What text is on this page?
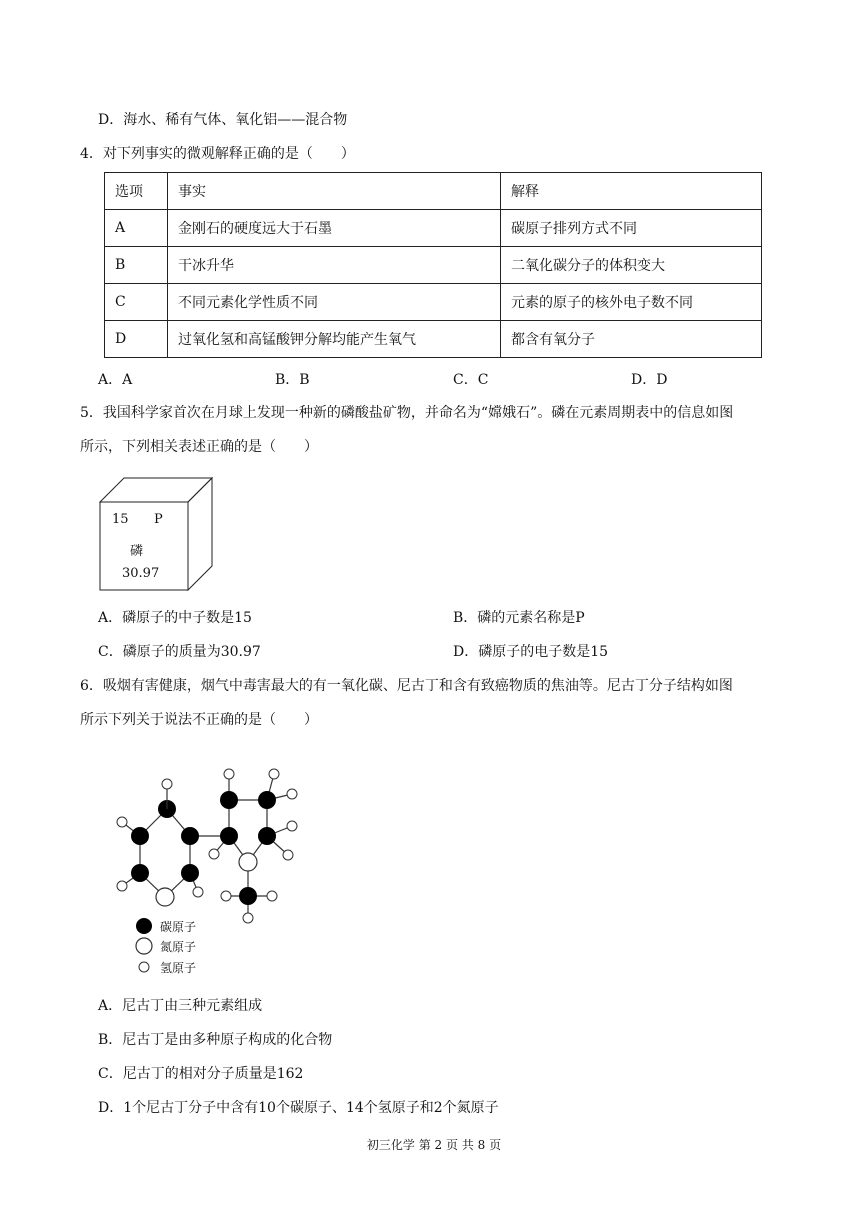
D．海水、稀有气体、氧化铝——混合物
4．对下列事实的微观解释正确的是（　　）
选项	事实	解释
A	金刚石的硬度远大于石墨	碳原子排列方式不同
B	干冰升华	二氧化碳分子的体积变大
C	不同元素化学性质不同	元素的原子的核外电子数不同
D	过氧化氢和高锰酸钾分解均能产生氧气	都含有氧分子
A．A	B．B	C．C	D．D
5．我国科学家首次在月球上发现一种新的磷酸盐矿物，并命名为“嫦娥石”。磷在元素周期表中的信息如图
所示，下列相关表述正确的是（　　）
15 P
磷
30.97
A．磷原子的中子数是15	B．磷的元素名称是P
C．磷原子的质量为30.97	D．磷原子的电子数是15
6．吸烟有害健康，烟气中毒害最大的有一氧化碳、尼古丁和含有致癌物质的焦油等。尼古丁分子结构如图
所示下列关于说法不正确的是（　　）
碳原子
氮原子
氢原子
A．尼古丁由三种元素组成
B．尼古丁是由多种原子构成的化合物
C．尼古丁的相对分子质量是162
D．1个尼古丁分子中含有10个碳原子、14个氢原子和2个氮原子
初三化学 第 2 页 共 8 页
